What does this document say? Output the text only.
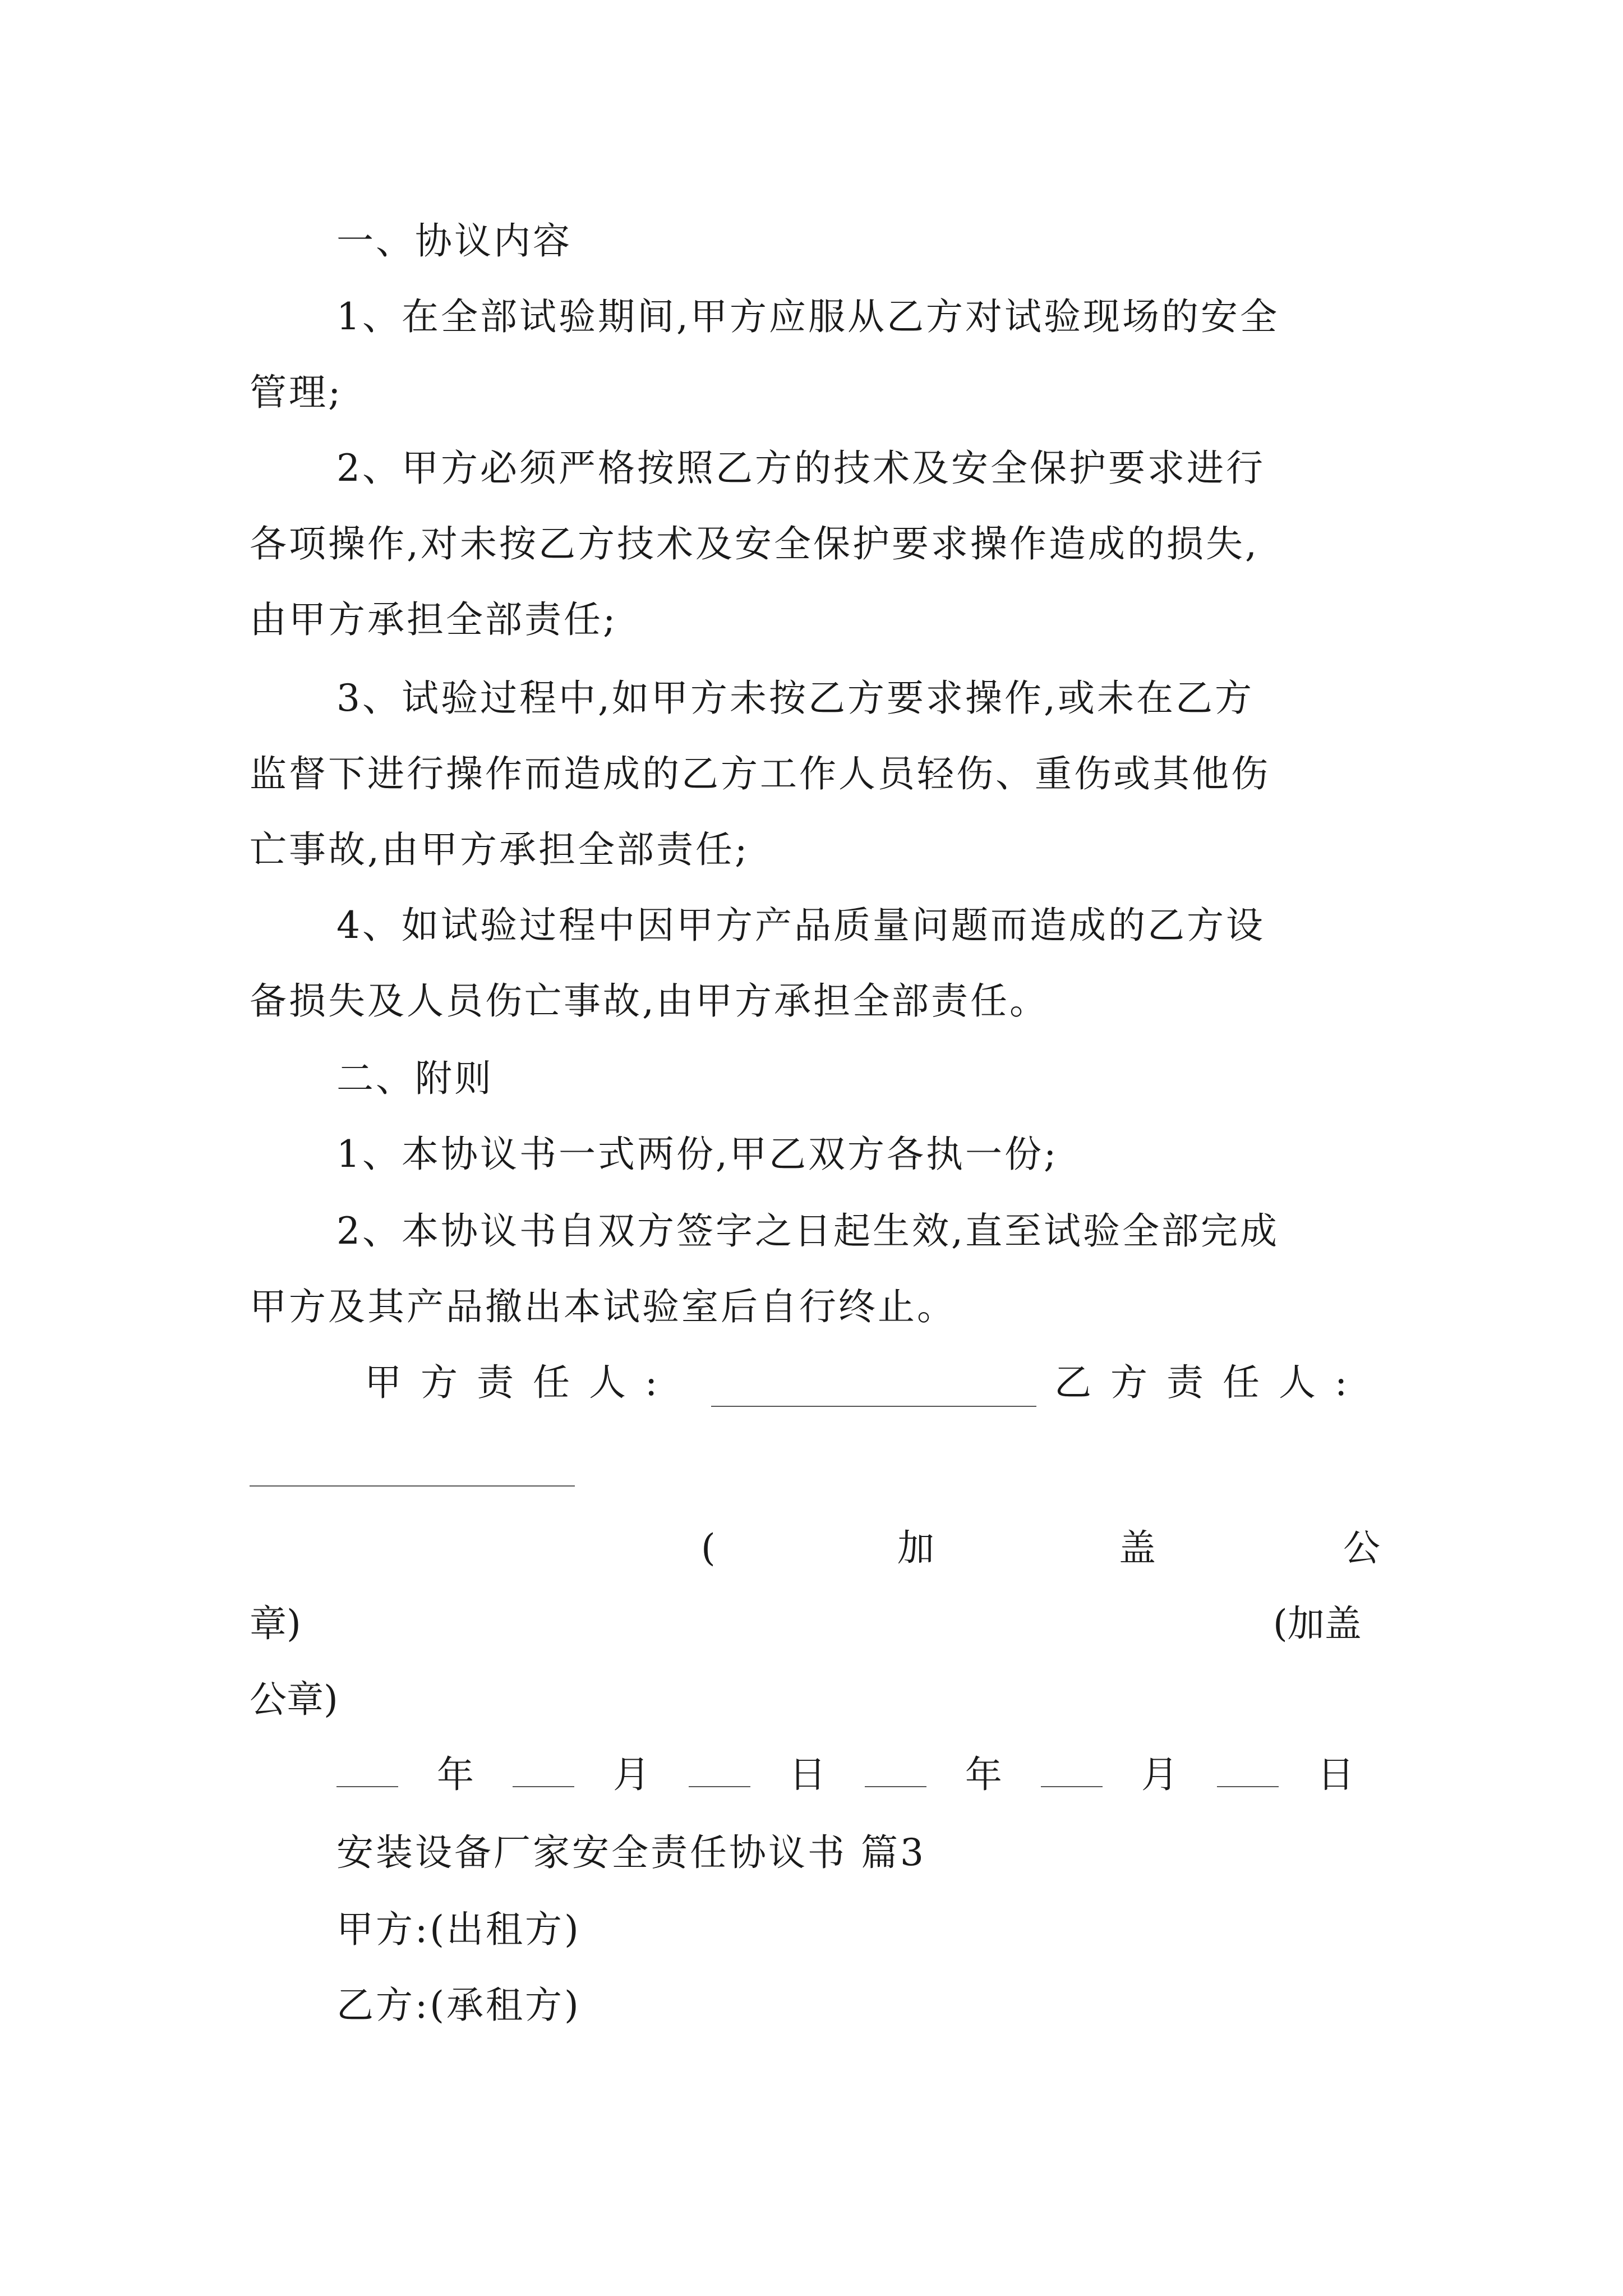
一、协议内容
1、在全部试验期间,甲方应服从乙方对试验现场的安全
管理;
2、甲方必须严格按照乙方的技术及安全保护要求进行
各项操作,对未按乙方技术及安全保护要求操作造成的损失,
由甲方承担全部责任;
3、试验过程中,如甲方未按乙方要求操作,或未在乙方
监督下进行操作而造成的乙方工作人员轻伤、重伤或其他伤
亡事故,由甲方承担全部责任;
4、如试验过程中因甲方产品质量问题而造成的乙方设
备损失及人员伤亡事故,由甲方承担全部责任。
二、附则
1、本协议书一式两份,甲乙双方各执一份;
2、本协议书自双方签字之日起生效,直至试验全部完成
甲方及其产品撤出本试验室后自行终止。
甲方责任人:	乙方责任人:
(	加	盖	公
章)	(加盖
公章)
年	月	日	年	月	日
安装设备厂家安全责任协议书 篇3
甲方:(出租方)
乙方:(承租方)
